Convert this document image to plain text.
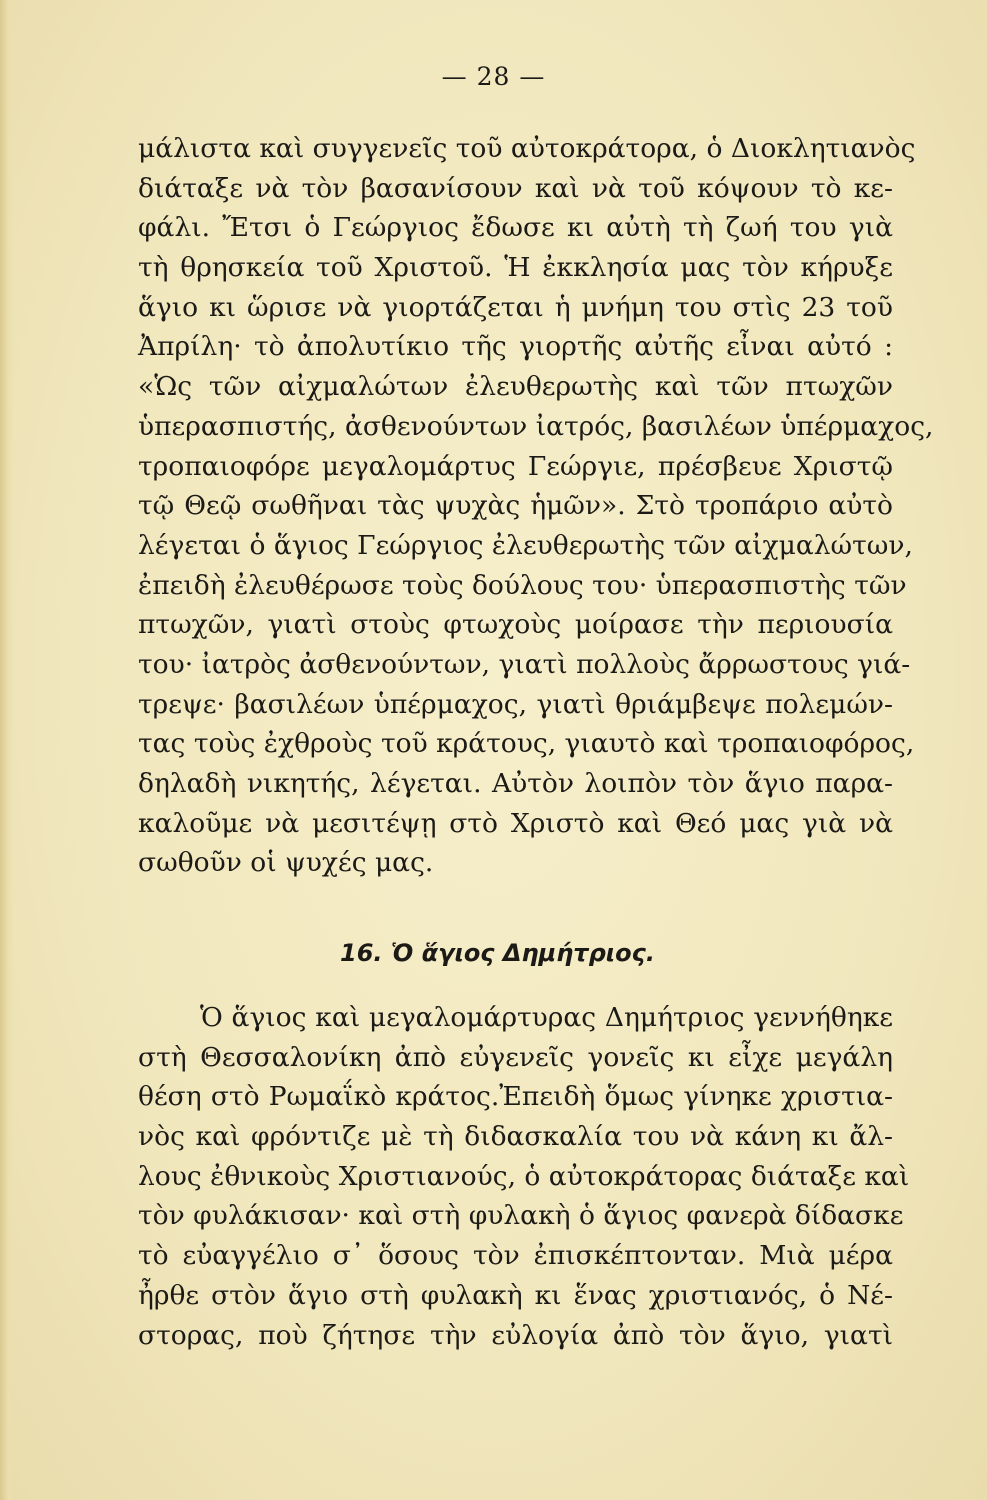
— 28 —
μάλιστα καὶ συγγενεῖς τοῦ αὐτοκράτορα, ὁ Διοκλητιανὸς
διάταξε νὰ τὸν βασανίσουν καὶ νὰ τοῦ κόψουν τὸ κε-
φάλι. Ἔτσι ὁ Γεώργιος ἔδωσε κι αὐτὴ τὴ ζωή του γιὰ
τὴ θρησκεία τοῦ Χριστοῦ. Ἡ ἐκκλησία μας τὸν κήρυξε
ἅγιο κι ὥρισε νὰ γιορτάζεται ἡ μνήμη του στὶς 23 τοῦ
Ἀπρίλη· τὸ ἀπολυτίκιο τῆς γιορτῆς αὐτῆς εἶναι αὐτό :
«Ὡς τῶν αἰχμαλώτων ἐλευθερωτὴς καὶ τῶν πτωχῶν
ὑπερασπιστής, ἀσθενούντων ἰατρός, βασιλέων ὑπέρμαχος,
τροπαιοφόρε μεγαλομάρτυς Γεώργιε, πρέσβευε Χριστῷ
τῷ Θεῷ σωθῆναι τὰς ψυχὰς ἡμῶν». Στὸ τροπάριο αὐτὸ
λέγεται ὁ ἅγιος Γεώργιος ἐλευθερωτὴς τῶν αἰχμαλώτων,
ἐπειδὴ ἐλευθέρωσε τοὺς δούλους του· ὑπερασπιστὴς τῶν
πτωχῶν, γιατὶ στοὺς φτωχοὺς μοίρασε τὴν περιουσία
του· ἰατρὸς ἀσθενούντων, γιατὶ πολλοὺς ἄρρωστους γιά-
τρεψε· βασιλέων ὑπέρμαχος, γιατὶ θριάμβεψε πολεμών-
τας τοὺς ἐχθροὺς τοῦ κράτους, γιαυτὸ καὶ τροπαιοφόρος,
δηλαδὴ νικητής, λέγεται. Αὐτὸν λοιπὸν τὸν ἅγιο παρα-
καλοῦμε νὰ μεσιτέψῃ στὸ Χριστὸ καὶ Θεό μας γιὰ νὰ
σωθοῦν οἱ ψυχές μας.
16. Ὁ ἅγιος Δημήτριος.
Ὁ ἅγιος καὶ μεγαλομάρτυρας Δημήτριος γεννήθηκε
στὴ Θεσσαλονίκη ἀπὸ εὐγενεῖς γονεῖς κι εἶχε μεγάλη
θέση στὸ Ρωμαΐκὸ κράτος.Ἐπειδὴ ὅμως γίνηκε χριστια-
νὸς καὶ φρόντιζε μὲ τὴ διδασκαλία του νὰ κάνη κι ἄλ-
λους ἐθνικοὺς Χριστιανούς, ὁ αὐτοκράτορας διάταξε καὶ
τὸν φυλάκισαν· καὶ στὴ φυλακὴ ὁ ἅγιος φανερὰ δίδασκε
τὸ εὐαγγέλιο σ᾽ ὅσους τὸν ἐπισκέπτονταν. Μιὰ μέρα
ἦρθε στὸν ἅγιο στὴ φυλακὴ κι ἕνας χριστιανός, ὁ Νέ-
στορας, ποὺ ζήτησε τὴν εὐλογία ἀπὸ τὸν ἅγιο, γιατὶ
